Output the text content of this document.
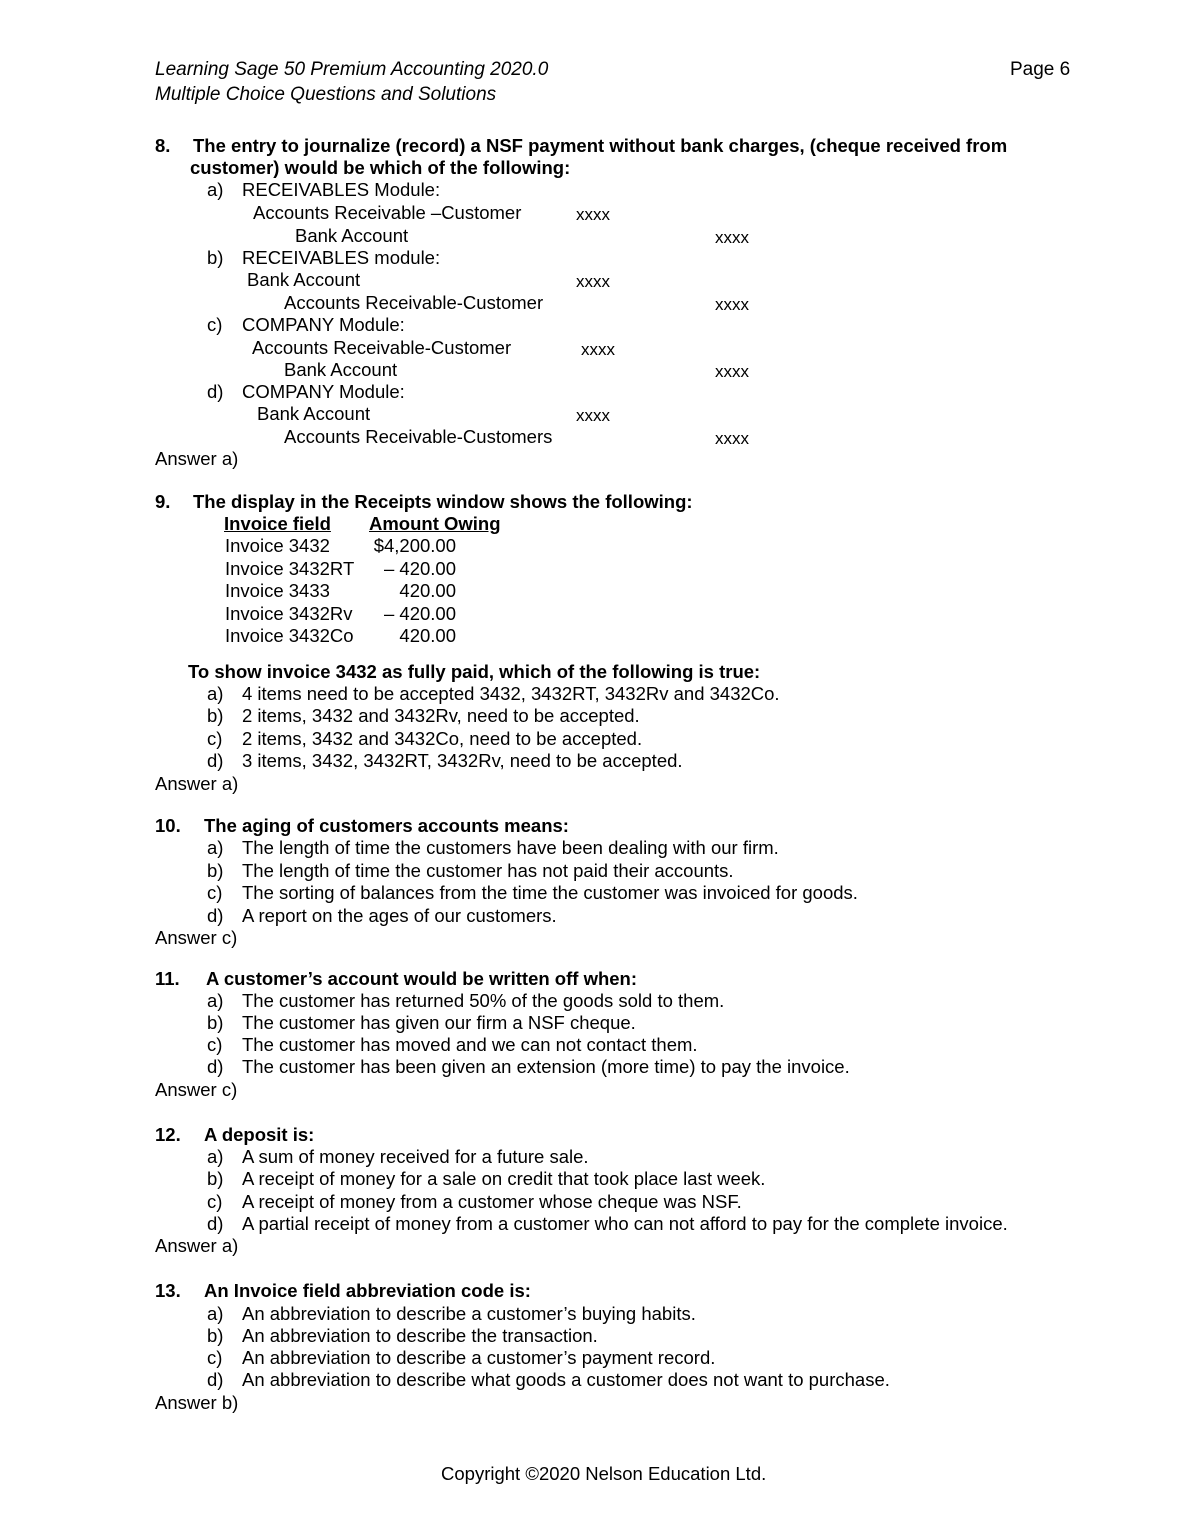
Learning Sage 50 Premium Accounting 2020.0
Multiple Choice Questions and Solutions
Page 6
8. The entry to journalize (record) a NSF payment without bank charges, (cheque received from
customer) would be which of the following:
a) RECEIVABLES Module:
Accounts Receivable –Customer	xxxx
Bank Account	xxxx
b) RECEIVABLES module:
Bank Account	xxxx
Accounts Receivable-Customer	xxxx
c) COMPANY Module:
Accounts Receivable-Customer	xxxx
Bank Account	xxxx
d) COMPANY Module:
Bank Account	xxxx
Accounts Receivable-Customers	xxxx
Answer a)
9. The display in the Receipts window shows the following:
Invoice field Amount Owing
Invoice 3432	$4,200.00
Invoice 3432RT	– 420.00
Invoice 3433	420.00
Invoice 3432Rv	– 420.00
Invoice 3432Co	420.00
To show invoice 3432 as fully paid, which of the following is true:
a) 4 items need to be accepted 3432, 3432RT, 3432Rv and 3432Co.
b) 2 items, 3432 and 3432Rv, need to be accepted.
c) 2 items, 3432 and 3432Co, need to be accepted.
d) 3 items, 3432, 3432RT, 3432Rv, need to be accepted.
Answer a)
10. The aging of customers accounts means:
a) The length of time the customers have been dealing with our firm.
b) The length of time the customer has not paid their accounts.
c) The sorting of balances from the time the customer was invoiced for goods.
d) A report on the ages of our customers.
Answer c)
11. A customer’s account would be written off when:
a) The customer has returned 50% of the goods sold to them.
b) The customer has given our firm a NSF cheque.
c) The customer has moved and we can not contact them.
d) The customer has been given an extension (more time) to pay the invoice.
Answer c)
12. A deposit is:
a) A sum of money received for a future sale.
b) A receipt of money for a sale on credit that took place last week.
c) A receipt of money from a customer whose cheque was NSF.
d) A partial receipt of money from a customer who can not afford to pay for the complete invoice.
Answer a)
13. An Invoice field abbreviation code is:
a) An abbreviation to describe a customer’s buying habits.
b) An abbreviation to describe the transaction.
c) An abbreviation to describe a customer’s payment record.
d) An abbreviation to describe what goods a customer does not want to purchase.
Answer b)
Copyright ©2020 Nelson Education Ltd.
